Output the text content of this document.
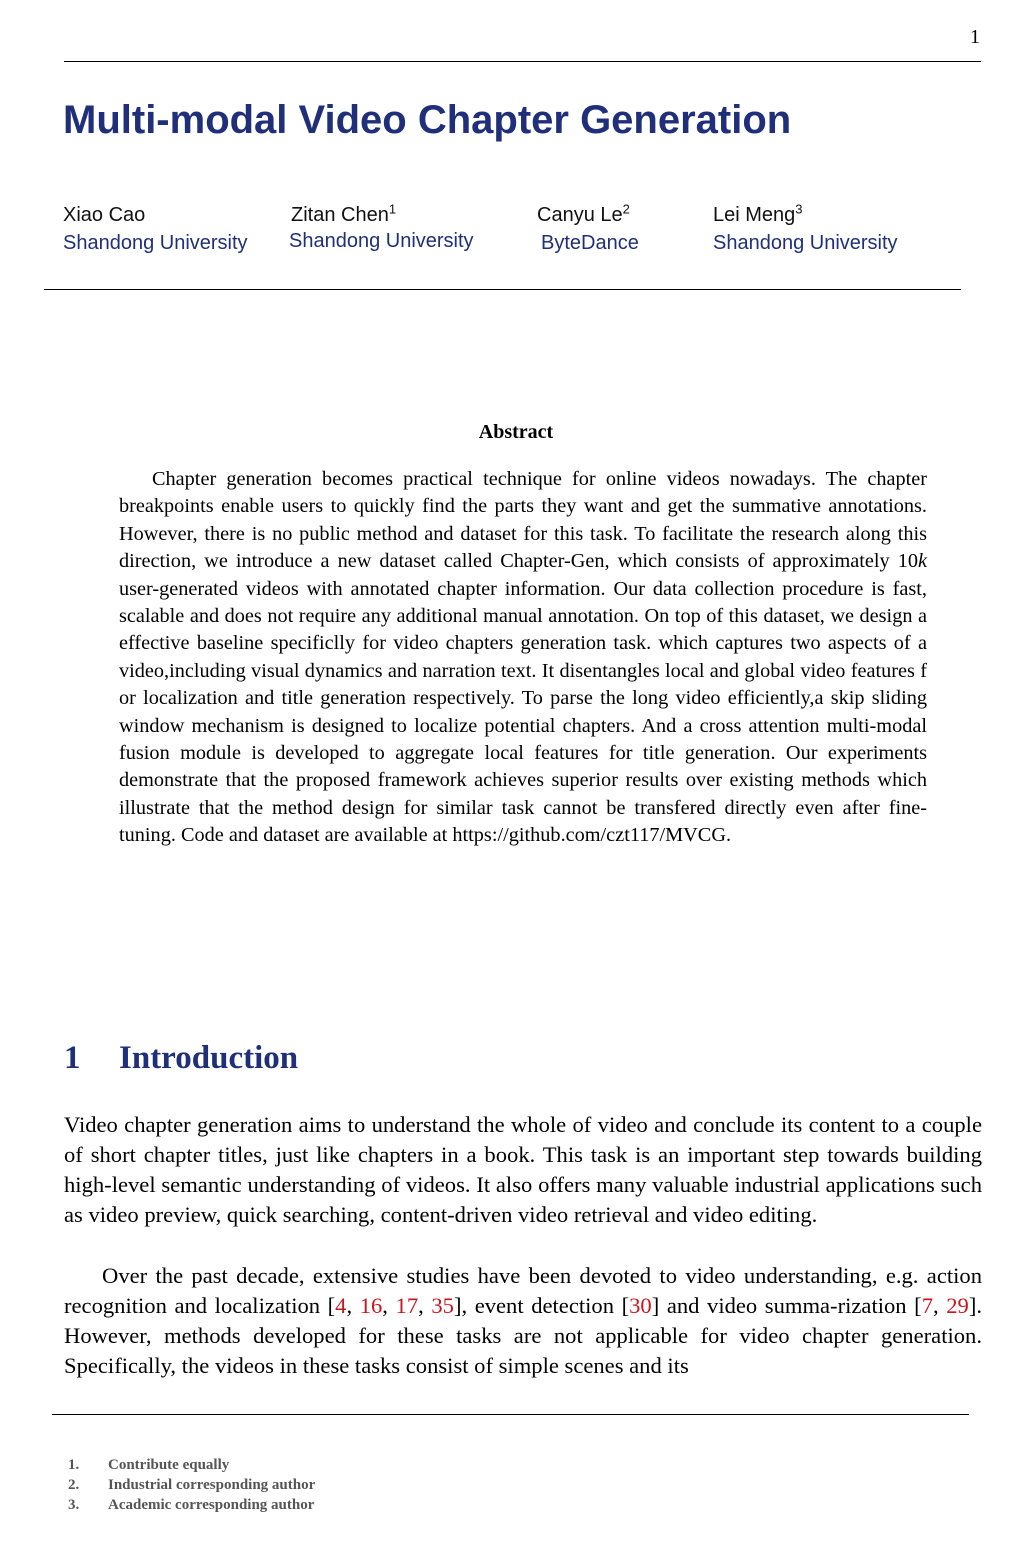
1
Multi-modal Video Chapter Generation
Xiao Cao
Shandong University
Zitan Chen$^1$
Shandong University
Canyu Le$^2$
ByteDance
Lei Meng$^3$
Shandong University
Abstract

Chapter generation becomes practical technique for online videos nowadays. The chapter breakpoints enable users to quickly find the parts they want and get the summative annotations. However, there is no public method and dataset for this task. To facilitate the research along this direction, we introduce a new dataset called Chapter-Gen, which consists of approximately 10k user-generated videos with annotated chapter information. Our data collection procedure is fast, scalable and does not require any additional manual annotation. On top of this dataset, we design a effective baseline specificlly for video chapters generation task. which captures two aspects of a video,including visual dynamics and narration text. It disentangles local and global video features f or localization and title generation respectively. To parse the long video efficiently,a skip sliding window mechanism is designed to localize potential chapters. And a cross attention multi-modal fusion module is developed to aggregate local features for title generation. Our experiments demonstrate that the proposed framework achieves superior results over existing methods which illustrate that the method design for similar task cannot be transfered directly even after fine-tuning. Code and dataset are available at https://github.com/czt117/MVCG.

1 Introduction

Video chapter generation aims to understand the whole of video and conclude its content to a couple of short chapter titles, just like chapters in a book. This task is an important step towards building high-level semantic understanding of videos. It also offers many valuable industrial applications such as video preview, quick searching, content-driven video retrieval and video editing.

Over the past decade, extensive studies have been devoted to video understanding, e.g. action recognition and localization [4, 16, 17, 35], event detection [30] and video summa-rization [7, 29]. However, methods developed for these tasks are not applicable for video chapter generation. Specifically, the videos in these tasks consist of simple scenes and its

1. Contribute equally
2. Industrial corresponding author
3. Academic corresponding author
